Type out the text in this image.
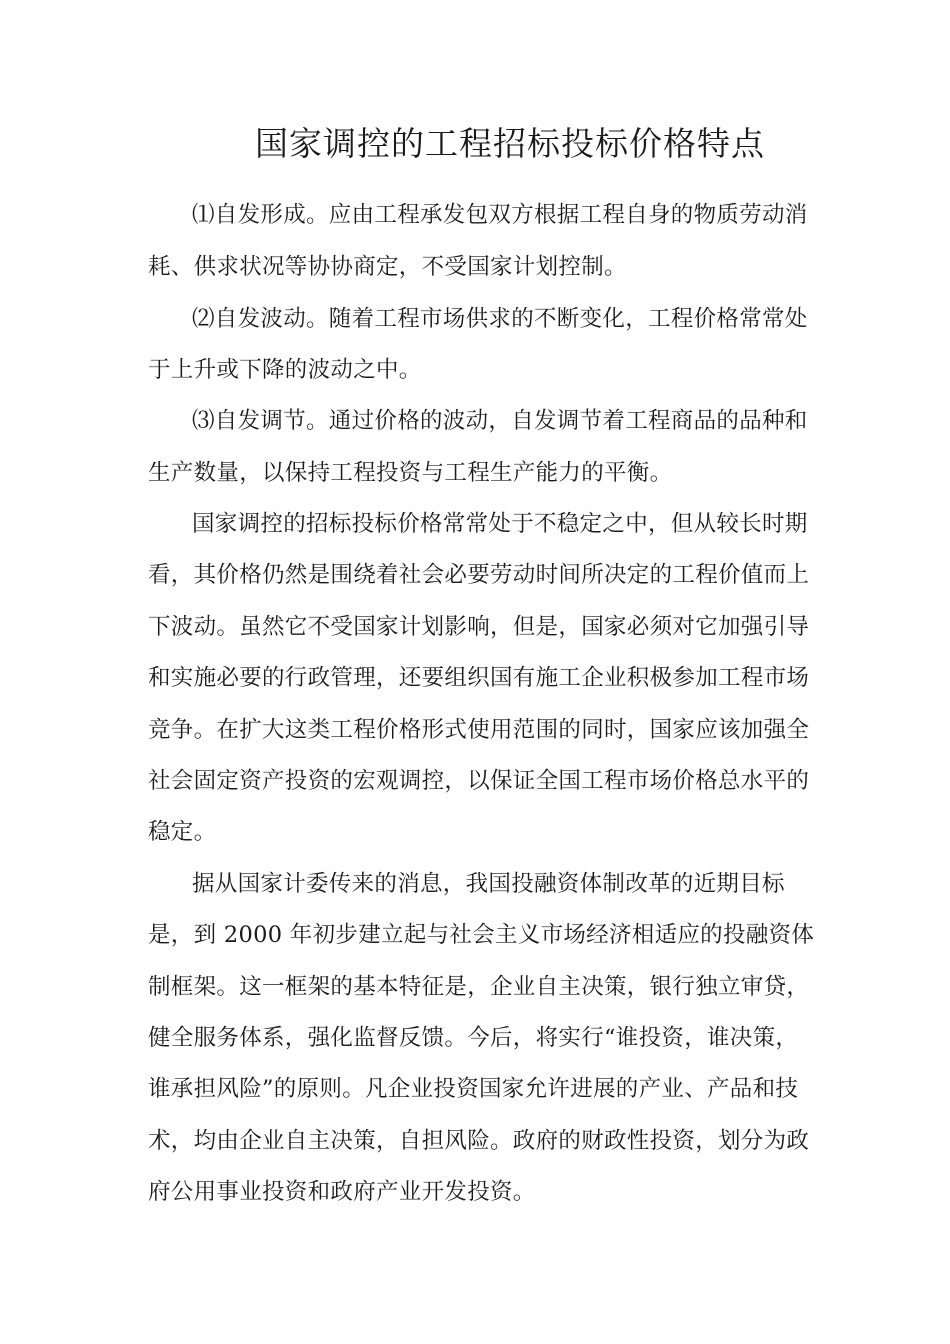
国家调控的工程招标投标价格特点
⑴自发形成。应由工程承发包双方根据工程自身的物质劳动消
耗、供求状况等协协商定，不受国家计划控制。
⑵自发波动。随着工程市场供求的不断变化，工程价格常常处
于上升或下降的波动之中。
⑶自发调节。通过价格的波动，自发调节着工程商品的品种和
生产数量，以保持工程投资与工程生产能力的平衡。
国家调控的招标投标价格常常处于不稳定之中，但从较长时期
看，其价格仍然是围绕着社会必要劳动时间所决定的工程价值而上
下波动。虽然它不受国家计划影响，但是，国家必须对它加强引导
和实施必要的行政管理，还要组织国有施工企业积极参加工程市场
竞争。在扩大这类工程价格形式使用范围的同时，国家应该加强全
社会固定资产投资的宏观调控，以保证全国工程市场价格总水平的
稳定。
据从国家计委传来的消息，我国投融资体制改革的近期目标
是，到 2000 年初步建立起与社会主义市场经济相适应的投融资体
制框架。这一框架的基本特征是，企业自主决策，银行独立审贷，
健全服务体系，强化监督反馈。今后，将实行“谁投资，谁决策，
谁承担风险”的原则。凡企业投资国家允许进展的产业、产品和技
术，均由企业自主决策，自担风险。政府的财政性投资，划分为政
府公用事业投资和政府产业开发投资。
